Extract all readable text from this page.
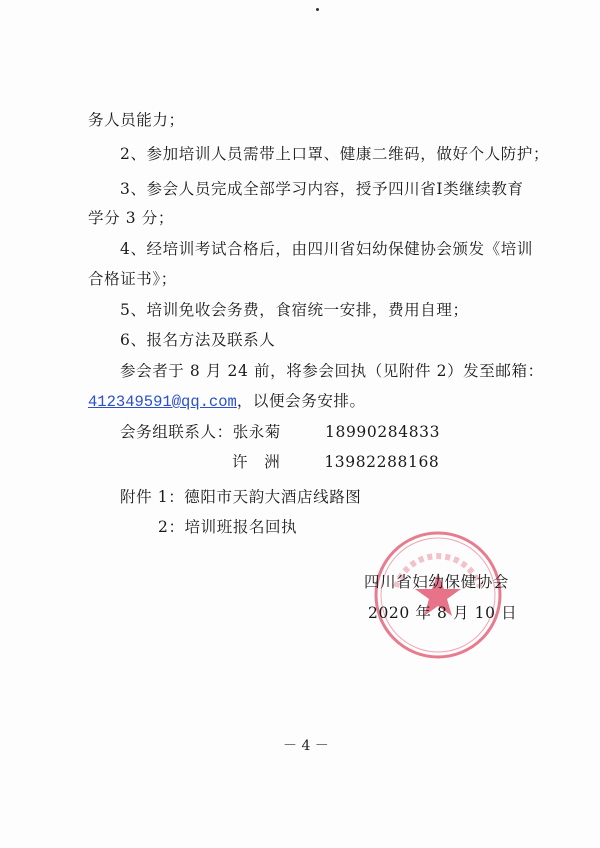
务人员能力；
2、参加培训人员需带上口罩、健康二维码，做好个人防护；
3、参会人员完成全部学习内容，授予四川省Ⅰ类继续教育
学分 3 分；
4、经培训考试合格后，由四川省妇幼保健协会颁发《培训
合格证书》；
5、培训免收会务费，食宿统一安排，费用自理；
6、报名方法及联系人
参会者于 8 月 24 前，将参会回执（见附件 2）发至邮箱：
412349591@qq.com，以便会务安排。
会务组联系人：张永菊	18990284833
许　洲	13982288168
附件 1：德阳市天韵大酒店线路图
2：培训班报名回执
四川省妇幼保健协会
2020 年 8 月 10 日
－ 4 －
